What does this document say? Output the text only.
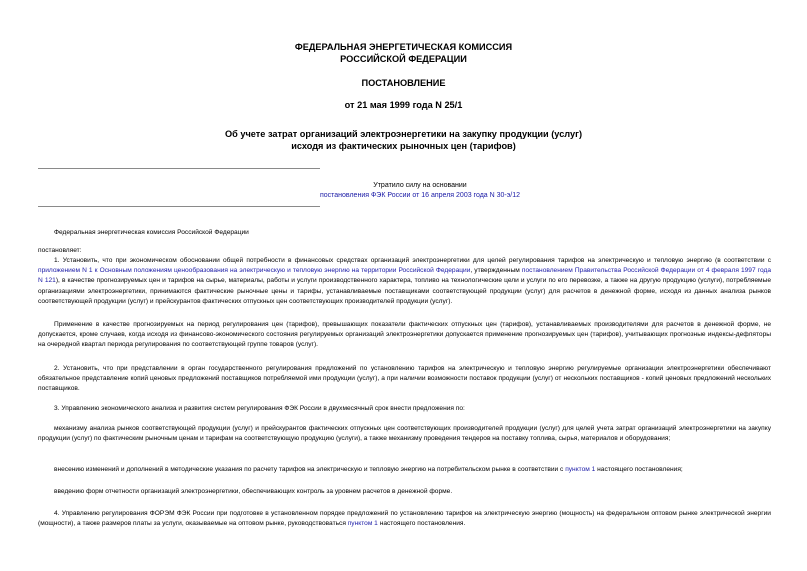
ФЕДЕРАЛЬНАЯ ЭНЕРГЕТИЧЕСКАЯ КОМИССИЯ
РОССИЙСКОЙ ФЕДЕРАЦИИ
ПОСТАНОВЛЕНИЕ
от 21 мая 1999 года N 25/1
Об учете затрат организаций электроэнергетики на закупку продукции (услуг)
исходя из фактических рыночных цен (тарифов)
Утратило силу на основании
постановления ФЭК России от 16 апреля 2003 года N 30-э/12
Федеральная энергетическая комиссия Российской Федерации
постановляет:
1. Установить, что при экономическом обосновании общей потребности в финансовых средствах организаций электроэнергетики для целей регулирования тарифов на электрическую и тепловую энергию (в соответствии с приложением N 1 к Основным положениям ценообразования на электрическую и тепловую энергию на территории Российской Федерации, утвержденным постановлением Правительства Российской Федерации от 4 февраля 1997 года N 121), в качестве прогнозируемых цен и тарифов на сырье, материалы, работы и услуги производственного характера, топливо на технологические цели и услуги по его перевозке, а также на другую продукцию (услуги), потребляемые организациями электроэнергетики, принимаются фактические рыночные цены и тарифы, устанавливаемые поставщиками соответствующей продукции (услуг) для расчетов в денежной форме, исходя из данных анализа рынков соответствующей продукции (услуг) и прейскурантов фактических отпускных цен соответствующих производителей продукции (услуг).
Применение в качестве прогнозируемых на период регулирования цен (тарифов), превышающих показатели фактических отпускных цен (тарифов), устанавливаемых производителями для расчетов в денежной форме, не допускается, кроме случаев, когда исходя из финансово-экономического состояния регулируемых организаций электроэнергетики допускается применение прогнозируемых цен (тарифов), учитывающих прогнозные индексы-дефляторы на очередной квартал периода регулирования по соответствующей группе товаров (услуг).
2. Установить, что при представлении в орган государственного регулирования предложений по установлению тарифов на электрическую и тепловую энергию регулируемые организации электроэнергетики обеспечивают обязательное представление копий ценовых предложений поставщиков потребляемой ими продукции (услуг), а при наличии возможности поставок продукции (услуг) от нескольких поставщиков - копий ценовых предложений нескольких поставщиков.
3. Управлению экономического анализа и развития систем регулирования ФЭК России в двухмесячный срок внести предложения по:
механизму анализа рынков соответствующей продукции (услуг) и прейскурантов фактических отпускных цен соответствующих производителей продукции (услуг) для целей учета затрат организаций электроэнергетики на закупку продукции (услуг) по фактическим рыночным ценам и тарифам на соответствующую продукцию (услуги), а также механизму проведения тендеров на поставку топлива, сырья, материалов и оборудования;
внесению изменений и дополнений в методические указания по расчету тарифов на электрическую и тепловую энергию на потребительском рынке в соответствии с пунктом 1 настоящего постановления;
введению форм отчетности организаций электроэнергетики, обеспечивающих контроль за уровнем расчетов в денежной форме.
4. Управлению регулирования ФОРЭМ ФЭК России при подготовке в установленном порядке предложений по установлению тарифов на электрическую энергию (мощность) на федеральном оптовом рынке электрической энергии (мощности), а также размеров платы за услуги, оказываемые на оптовом рынке, руководствоваться пунктом 1 настоящего постановления.
